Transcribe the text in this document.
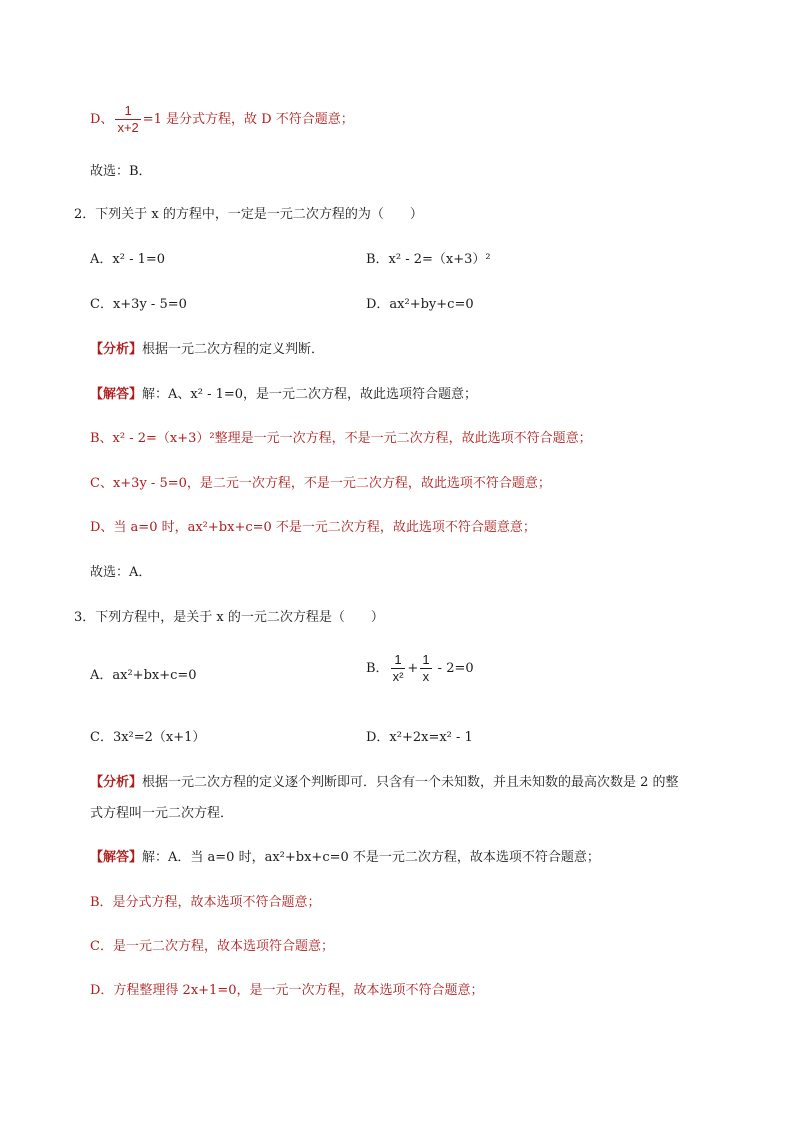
D、 $\frac{1}{x+2} =1$ 是分式方程，故 D 不符合题意；
故选：B．
2．下列关于 x 的方程中，一定是一元二次方程的为（　　）
A．x² - 1=0	B．x² - 2=（x+3）²
C．x+3y - 5=0	D．ax²+by+c=0
【分析】根据一元二次方程的定义判断．
【解答】解：A、x² - 1=0，是一元二次方程，故此选项符合题意；
B、x² - 2=（x+3）²整理是一元一次方程，不是一元二次方程，故此选项不符合题意；
C、x+3y - 5=0，是二元一次方程，不是一元二次方程，故此选项不符合题意；
D、当 a=0 时，ax²+bx+c=0 不是一元二次方程，故此选项不符合题意意；
故选：A．
3．下列方程中，是关于 x 的一元二次方程是（　　）
A．ax²+bx+c=0	B． $\frac{1}{\text{x²}} + \frac{1}{x} - 2=0$
C．3x²=2（x+1）	D．x²+2x=x² - 1
【分析】根据一元二次方程的定义逐个判断即可．只含有一个未知数，并且未知数的最高次数是 2 的整
式方程叫一元二次方程．
【解答】解：A．当 a=0 时，ax²+bx+c=0 不是一元二次方程，故本选项不符合题意；
B．是分式方程，故本选项不符合题意；
C．是一元二次方程，故本选项符合题意；
D．方程整理得 2x+1=0，是一元一次方程，故本选项不符合题意；
